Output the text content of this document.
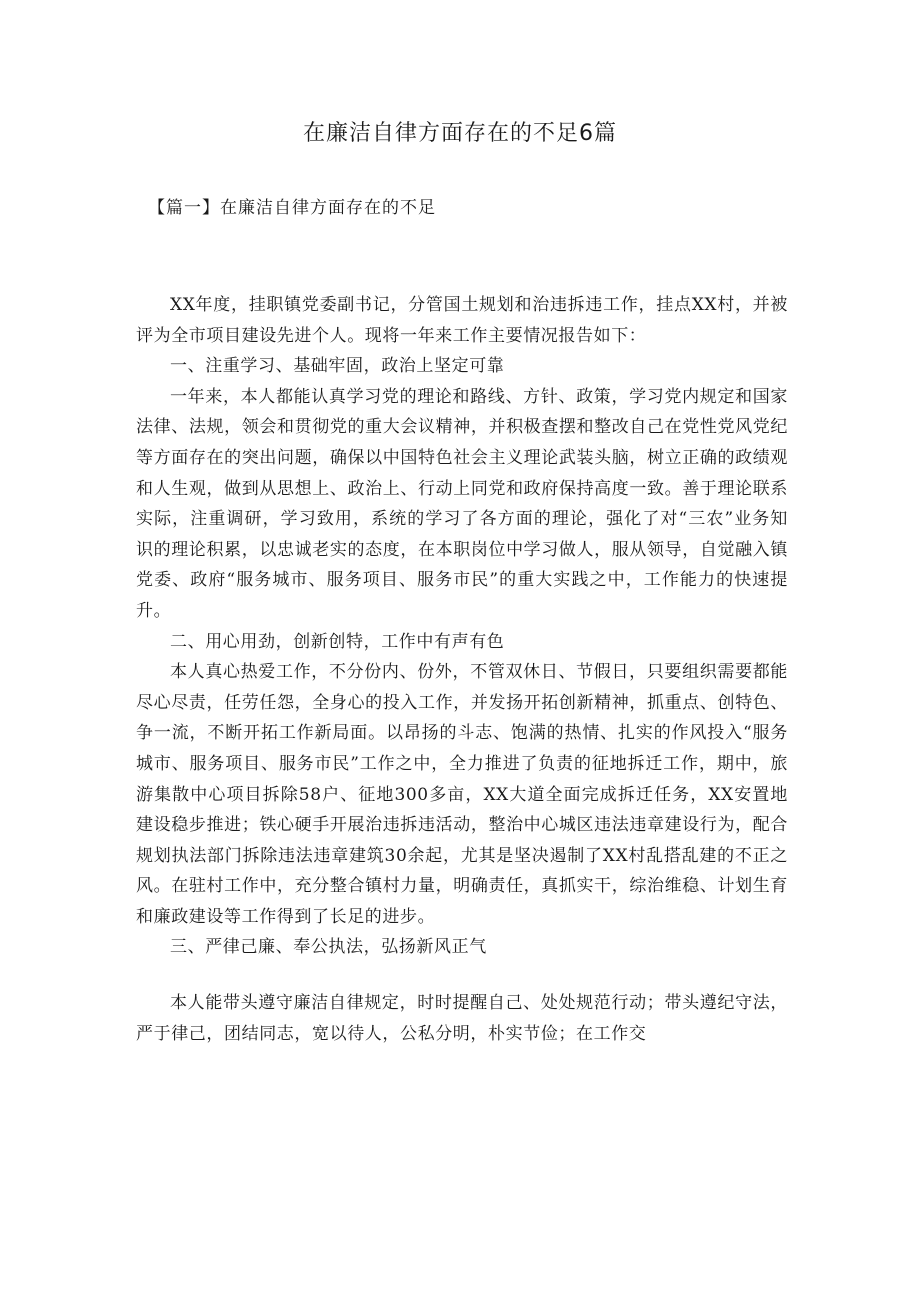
在廉洁自律方面存在的不足6篇
【篇一】在廉洁自律方面存在的不足

XX年度，挂职镇党委副书记，分管国土规划和治违拆违工作，挂点XX村，并被评为全市项目建设先进个人。现将一年来工作主要情况报告如下：

一、注重学习、基础牢固，政治上坚定可靠

一年来，本人都能认真学习党的理论和路线、方针、政策，学习党内规定和国家法律、法规，领会和贯彻党的重大会议精神，并积极查摆和整改自己在党性党风党纪等方面存在的突出问题，确保以中国特色社会主义理论武装头脑，树立正确的政绩观和人生观，做到从思想上、政治上、行动上同党和政府保持高度一致。善于理论联系实际，注重调研，学习致用，系统的学习了各方面的理论，强化了对“三农”业务知识的理论积累，以忠诚老实的态度，在本职岗位中学习做人，服从领导，自觉融入镇党委、政府“服务城市、服务项目、服务市民”的重大实践之中，工作能力的快速提升。

二、用心用劲，创新创特，工作中有声有色

本人真心热爱工作，不分份内、份外，不管双休日、节假日，只要组织需要都能尽心尽责，任劳任怨，全身心的投入工作，并发扬开拓创新精神，抓重点、创特色、争一流，不断开拓工作新局面。以昂扬的斗志、饱满的热情、扎实的作风投入“服务城市、服务项目、服务市民”工作之中，全力推进了负责的征地拆迁工作，期中，旅游集散中心项目拆除58户、征地300多亩，XX大道全面完成拆迁任务，XX安置地建设稳步推进；铁心硬手开展治违拆违活动，整治中心城区违法违章建设行为，配合规划执法部门拆除违法违章建筑30余起，尤其是坚决遏制了XX村乱搭乱建的不正之风。在驻村工作中，充分整合镇村力量，明确责任，真抓实干，综治维稳、计划生育和廉政建设等工作得到了长足的进步。

三、严律己廉、奉公执法，弘扬新风正气

本人能带头遵守廉洁自律规定，时时提醒自己、处处规范行动；带头遵纪守法，严于律己，团结同志，宽以待人，公私分明，朴实节俭；在工作交
